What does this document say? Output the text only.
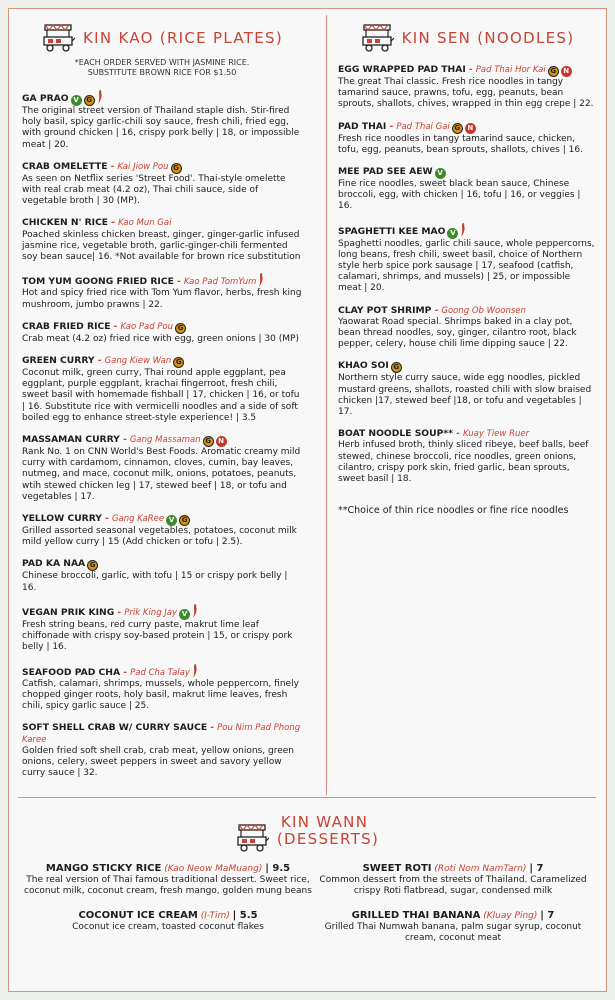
KIN KAO (RICE PLATES)
*EACH ORDER SERVED WITH JASMINE RICE.
SUBSTITUTE BROWN RICE FOR $1.50
GA PRAO V G
The original street version of Thailand staple dish. Stir-fired holy basil, spicy garlic-chili soy sauce, fresh chili, fried egg, with ground chicken | 16, crispy pork belly | 18, or impossible meat | 20.
CRAB OMELETTE - Kai Jiow Pou G
As seen on Netflix series 'Street Food'. Thai-style omelette with real crab meat (4.2 oz), Thai chili sauce, side of vegetable broth | 30 (MP).
CHICKEN N' RICE - Kao Mun Gai
Poached skinless chicken breast, ginger, ginger-garlic infused jasmine rice, vegetable broth, garlic-ginger-chili fermented soy bean sauce| 16. *Not available for brown rice substitution
TOM YUM GOONG FRIED RICE - Kao Pad TomYum
Hot and spicy fried rice with Tom Yum flavor, herbs, fresh king mushroom, jumbo prawns | 22.
CRAB FRIED RICE - Kao Pad Pou G
Crab meat (4.2 oz) fried rice with egg, green onions | 30 (MP)
GREEN CURRY - Gang Kiew Wan G
Coconut milk, green curry, Thai round apple eggplant, pea eggplant, purple eggplant, krachai fingerroot, fresh chili, sweet basil with homemade fishball | 17, chicken | 16, or tofu | 16. Substitute rice with vermicelli noodles and a side of soft boiled egg to enhance street-style experience! | 3.5
MASSAMAN CURRY - Gang Massaman G N
Rank No. 1 on CNN World's Best Foods. Aromatic creamy mild curry with cardamom, cinnamon, cloves, cumin, bay leaves, nutmeg, and mace, coconut milk, onions, potatoes, peanuts, wtih stewed chicken leg | 17, stewed beef | 18, or tofu and vegetables | 17.
YELLOW CURRY - Gang KaRee V G
Grilled assorted seasonal vegetables, potatoes, coconut milk mild yellow curry | 15 (Add chicken or tofu | 2.5).
PAD KA NAA G
Chinese broccoli, garlic, with tofu | 15 or crispy pork belly | 16.
VEGAN PRIK KING - Prik King Jay V
Fresh string beans, red curry paste, makrut lime leaf chiffonade with crispy soy-based protein | 15, or crispy pork belly | 16.
SEAFOOD PAD CHA - Pad Cha Talay
Catfish, calamari, shrimps, mussels, whole peppercorn, finely chopped ginger roots, holy basil, makrut lime leaves, fresh chili, spicy garlic sauce | 25.
SOFT SHELL CRAB W/ CURRY SAUCE - Pou Nim Pad Phong Karee
Golden fried soft shell crab, crab meat, yellow onions, green onions, celery, sweet peppers in sweet and savory yellow curry sauce | 32.
KIN SEN (NOODLES)
EGG WRAPPED PAD THAI - Pad Thai Hor Kai G N
The great Thai classic. Fresh rice noodles in tangy tamarind sauce, prawns, tofu, egg, peanuts, bean sprouts, shallots, chives, wrapped in thin egg crepe | 22.
PAD THAI - Pad Thai Gai G N
Fresh rice noodles in tangy tamarind sauce, chicken, tofu, egg, peanuts, bean sprouts, shallots, chives | 16.
MEE PAD SEE AEW V
Fine rice noodles, sweet black bean sauce, Chinese broccoli, egg, with chicken | 16, tofu | 16, or veggies | 16.
SPAGHETTI KEE MAO V
Spaghetti noodles, garlic chili sauce, whole peppercorns, long beans, fresh chili, sweet basil, choice of Northern style herb spice pork sausage | 17, seafood (catfish, calamari, shrimps, and mussels) | 25, or impossible meat | 20.
CLAY POT SHRIMP - Goong Ob Woonsen
Yaowarat Road special. Shrimps baked in a clay pot, bean thread noodles, soy, ginger, cilantro root, black pepper, celery, house chili lime dipping sauce | 22.
KHAO SOI G
Northern style curry sauce, wide egg noodles, pickled mustard greens, shallots, roasted chili with slow braised chicken |17, stewed beef |18, or tofu and vegetables | 17.
BOAT NOODLE SOUP** - Kuay Tiew Ruer
Herb infused broth, thinly sliced ribeye, beef balls, beef stewed, chinese broccoli, rice noodles, green onions, cilantro, crispy pork skin, fried garlic, bean sprouts, sweet basil | 18.
**Choice of thin rice noodles or fine rice noodles
KIN WANN
(DESSERTS)
MANGO STICKY RICE (Kao Neow MaMuang) | 9.5
The real version of Thai famous traditional dessert. Sweet rice, coconut milk, coconut cream, fresh mango, golden mung beans
SWEET ROTI (Roti Nom NamTarn) | 7
Common dessert from the streets of Thailand. Caramelized crispy Roti flatbread, sugar, condensed milk
COCONUT ICE CREAM (I-Tim) | 5.5
Coconut ice cream, toasted coconut flakes
GRILLED THAI BANANA (Kluay Ping) | 7
Grilled Thai Numwah banana, palm sugar syrup, coconut cream, coconut meat
